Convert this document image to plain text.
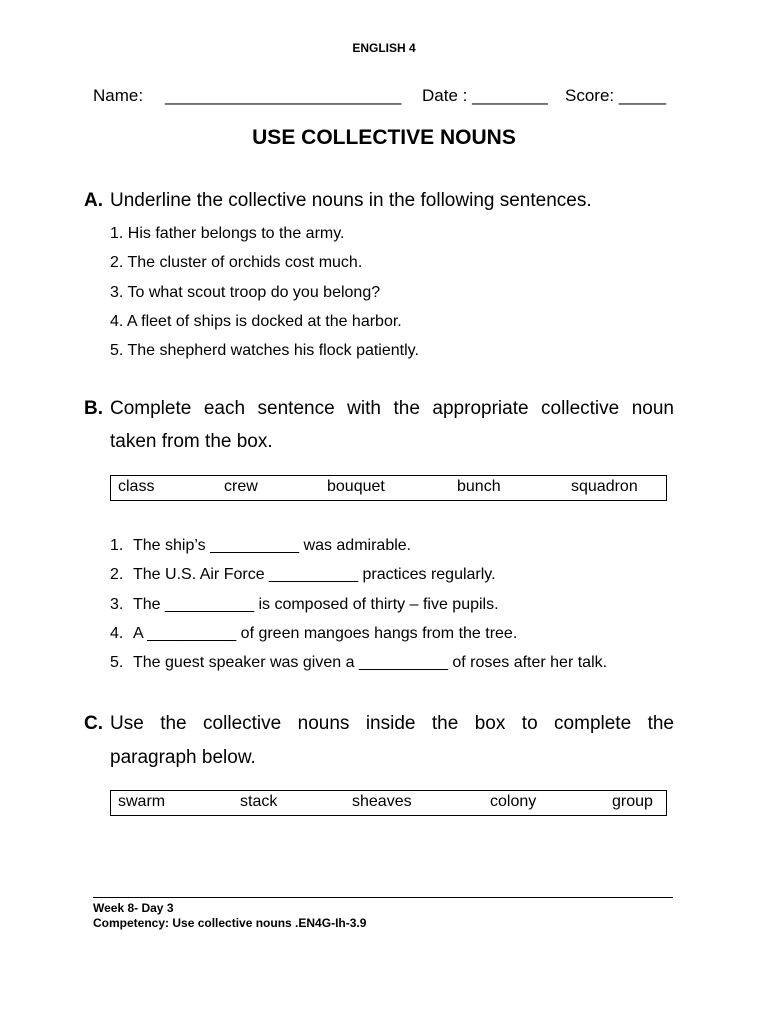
ENGLISH 4
Name: _________________________ Date : ________ Score: _____
USE COLLECTIVE NOUNS
A. Underline the collective nouns in the following sentences.
1. His father belongs to the army.
2. The cluster of orchids cost much.
3. To what scout troop do you belong?
4. A fleet of ships is docked at the harbor.
5. The shepherd watches his flock patiently.
B. Complete each sentence with the appropriate collective noun
taken from the box.
class	crew	bouquet	bunch	squadron
1. The ship’s __________ was admirable.
2. The U.S. Air Force __________ practices regularly.
3. The __________ is composed of thirty – five pupils.
4. A __________ of green mangoes hangs from the tree.
5. The guest speaker was given a __________ of roses after her talk.
C. Use the collective nouns inside the box to complete the
paragraph below.
swarm	stack	sheaves	colony	group
Week 8- Day 3
Competency: Use collective nouns .EN4G-Ih-3.9
